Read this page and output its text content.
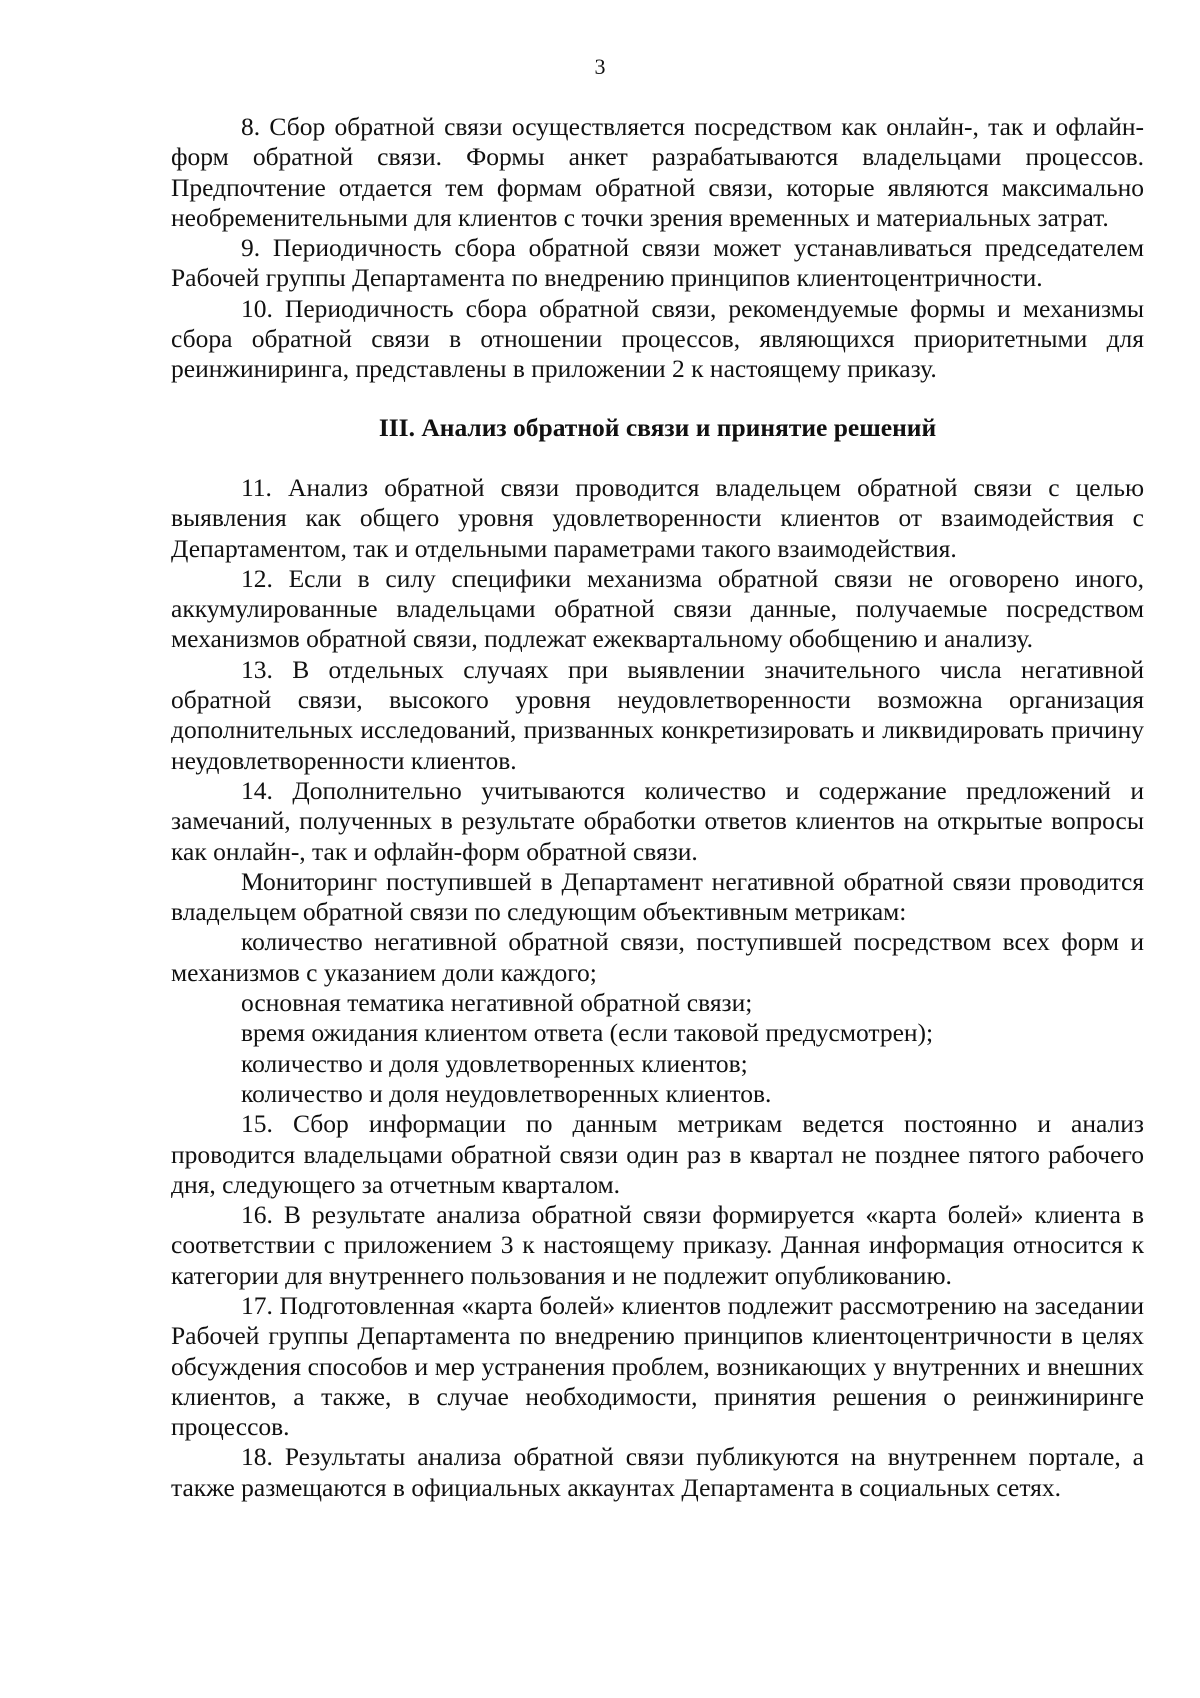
3

8. Сбор обратной связи осуществляется посредством как онлайн-, так и офлайн-форм обратной связи. Формы анкет разрабатываются владельцами процессов. Предпочтение отдается тем формам обратной связи, которые являются максимально необременительными для клиентов с точки зрения временных и материальных затрат.

9. Периодичность сбора обратной связи может устанавливаться председателем Рабочей группы Департамента по внедрению принципов клиентоцентричности.

10. Периодичность сбора обратной связи, рекомендуемые формы и механизмы сбора обратной связи в отношении процессов, являющихся приоритетными для реинжиниринга, представлены в приложении 2 к настоящему приказу.

III. Анализ обратной связи и принятие решений

11. Анализ обратной связи проводится владельцем обратной связи с целью выявления как общего уровня удовлетворенности клиентов от взаимодействия с Департаментом, так и отдельными параметрами такого взаимодействия.

12. Если в силу специфики механизма обратной связи не оговорено иного, аккумулированные владельцами обратной связи данные, получаемые посредством механизмов обратной связи, подлежат ежеквартальному обобщению и анализу.

13. В отдельных случаях при выявлении значительного числа негативной обратной связи, высокого уровня неудовлетворенности возможна организация дополнительных исследований, призванных конкретизировать и ликвидировать причину неудовлетворенности клиентов.

14. Дополнительно учитываются количество и содержание предложений и замечаний, полученных в результате обработки ответов клиентов на открытые вопросы как онлайн-, так и офлайн-форм обратной связи.

Мониторинг поступившей в Департамент негативной обратной связи проводится владельцем обратной связи по следующим объективным метрикам:

количество негативной обратной связи, поступившей посредством всех форм и механизмов с указанием доли каждого;

основная тематика негативной обратной связи;

время ожидания клиентом ответа (если таковой предусмотрен);

количество и доля удовлетворенных клиентов;

количество и доля неудовлетворенных клиентов.

15. Сбор информации по данным метрикам ведется постоянно и анализ проводится владельцами обратной связи один раз в квартал не позднее пятого рабочего дня, следующего за отчетным кварталом.

16. В результате анализа обратной связи формируется «карта болей» клиента в соответствии с приложением 3 к настоящему приказу. Данная информация относится к категории для внутреннего пользования и не подлежит опубликованию.

17. Подготовленная «карта болей» клиентов подлежит рассмотрению на заседании Рабочей группы Департамента по внедрению принципов клиентоцентричности в целях обсуждения способов и мер устранения проблем, возникающих у внутренних и внешних клиентов, а также, в случае необходимости, принятия решения о реинжиниринге процессов.

18. Результаты анализа обратной связи публикуются на внутреннем портале, а также размещаются в официальных аккаунтах Департамента в социальных сетях.
